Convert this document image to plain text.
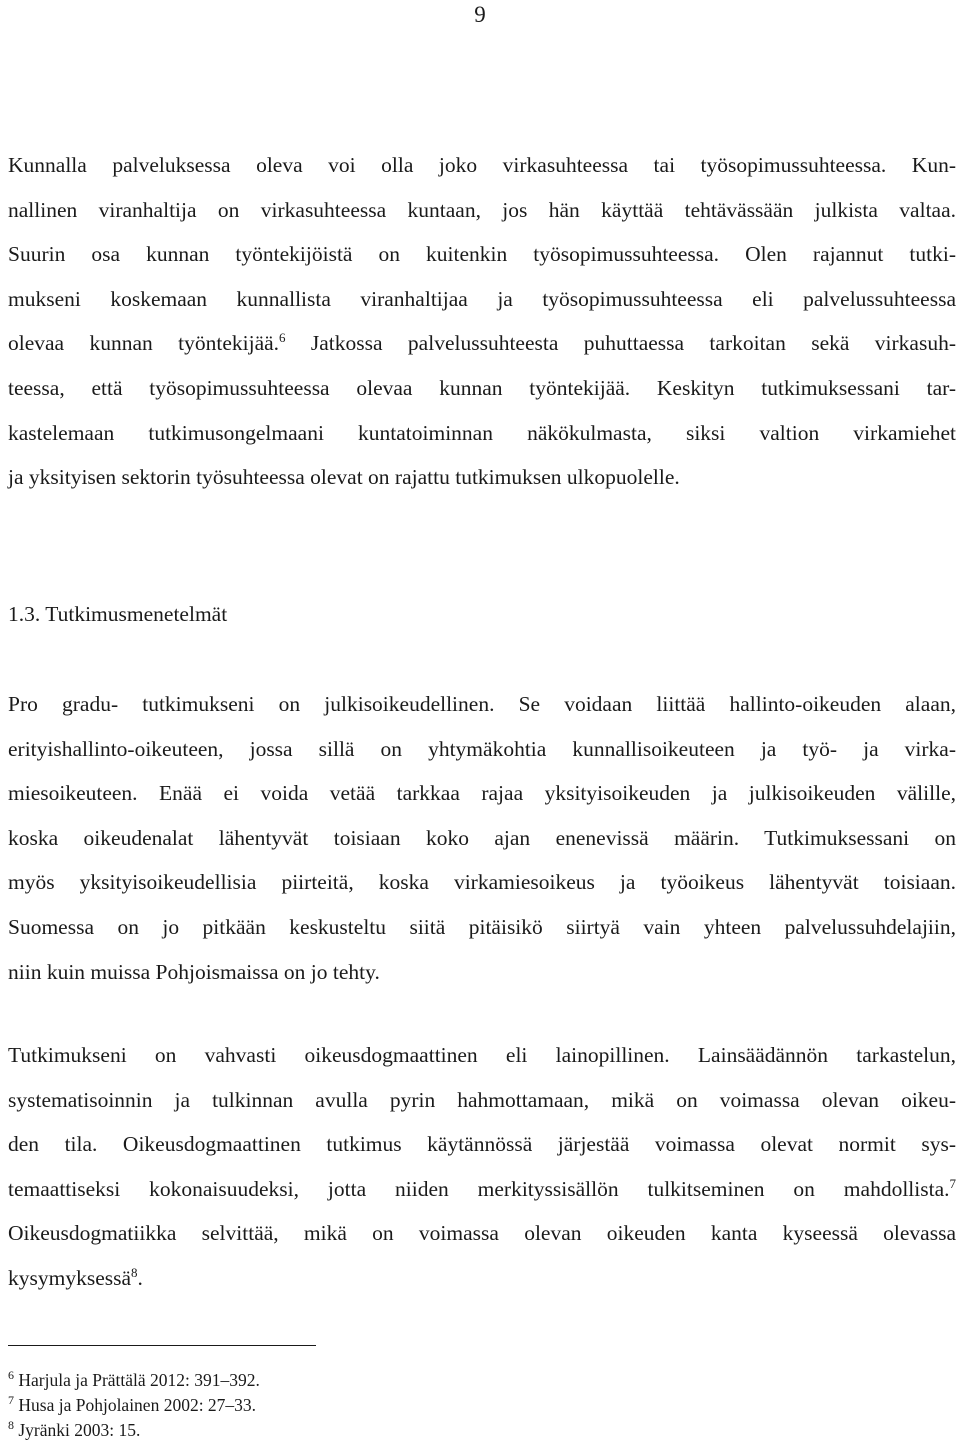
9
Kunnalla palveluksessa oleva voi olla joko virkasuhteessa tai työsopimussuhteessa. Kun-
nallinen viranhaltija on virkasuhteessa kuntaan, jos hän käyttää tehtävässään julkista valtaa.
Suurin osa kunnan työntekijöistä on kuitenkin työsopimussuhteessa. Olen rajannut tutki-
mukseni koskemaan kunnallista viranhaltijaa ja työsopimussuhteessa eli palvelussuhteessa
olevaa kunnan työntekijää.$^6$ Jatkossa palvelussuhteesta puhuttaessa tarkoitan sekä virkasuh-
teessa, että työsopimussuhteessa olevaa kunnan työntekijää. Keskityn tutkimuksessani tar-
kastelemaan tutkimusongelmaani kuntatoiminnan näkökulmasta, siksi valtion virkamiehet
ja yksityisen sektorin työsuhteessa olevat on rajattu tutkimuksen ulkopuolelle.
1.3. Tutkimusmenetelmät
Pro gradu- tutkimukseni on julkisoikeudellinen. Se voidaan liittää hallinto-oikeuden alaan,
erityishallinto-oikeuteen, jossa sillä on yhtymäkohtia kunnallisoikeuteen ja työ- ja virka-
miesoikeuteen. Enää ei voida vetää tarkkaa rajaa yksityisoikeuden ja julkisoikeuden välille,
koska oikeudenalat lähentyvät toisiaan koko ajan enenevissä määrin. Tutkimuksessani on
myös yksityisoikeudellisia piirteitä, koska virkamiesoikeus ja työoikeus lähentyvät toisiaan.
Suomessa on jo pitkään keskusteltu siitä pitäisikö siirtyä vain yhteen palvelussuhdelajiin,
niin kuin muissa Pohjoismaissa on jo tehty.
Tutkimukseni on vahvasti oikeusdogmaattinen eli lainopillinen. Lainsäädännön tarkastelun,
systematisoinnin ja tulkinnan avulla pyrin hahmottamaan, mikä on voimassa olevan oikeu-
den tila. Oikeusdogmaattinen tutkimus käytännössä järjestää voimassa olevat normit sys-
temaattiseksi kokonaisuudeksi, jotta niiden merkityssisällön tulkitseminen on mahdollista.$^7$
Oikeusdogmatiikka selvittää, mikä on voimassa olevan oikeuden kanta kyseessä olevassa
kysymyksessä$^8$.
$^6$ Harjula ja Prättälä 2012: 391–392.
$^7$ Husa ja Pohjolainen 2002: 27–33.
$^8$ Jyränki 2003: 15.
